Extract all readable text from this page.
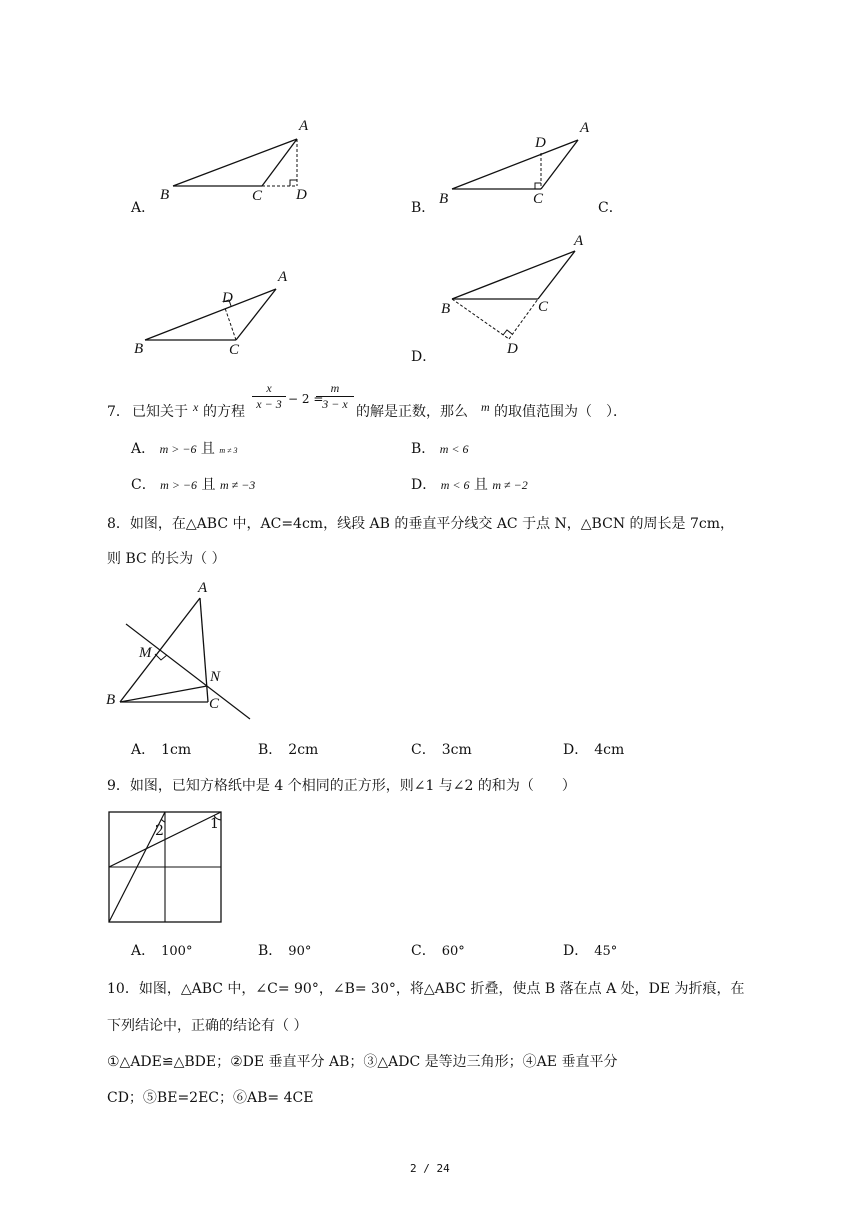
A．
B	C D
A
B．
B	C
D
A
C．
B	C
D
A
D．
B	C
D
A
7． 已知关于 x 的方程 $\frac{x}{x - 3} - 2$ =
$\frac{m}{3 - x}$ 的解是正数，那么 m 的取值范围为（　）．
A． m > −6 且 m ≠ 3	B． m < 6
C． m > −6 且 m ≠ −3	D． m < 6 且 m ≠ −2
8．如图，在△ABC 中，AC=4cm，线段 AB 的垂直平分线交 AC 于点 N，△BCN 的周长是 7cm，
则 BC 的长为（ ）
A
B	C
M
N
A． 1cm	B． 2cm	C． 3cm	D． 4cm
9．如图，已知方格纸中是 4 个相同的正方形，则∠1 与∠2 的和为（　　）
1
2
A． 100°	B． 90°	C． 60°	D． 45°
10．如图，△ABC 中，∠C= 90°，∠B= 30°，将△ABC 折叠，使点 B 落在点 A 处，DE 为折痕，在
下列结论中，正确的结论有（ ）
①△ADE≌△BDE；②DE 垂直平分 AB；③△ADC 是等边三角形；④AE 垂直平分
CD；⑤BE=2EC；⑥AB= 4CE
2 / 24
